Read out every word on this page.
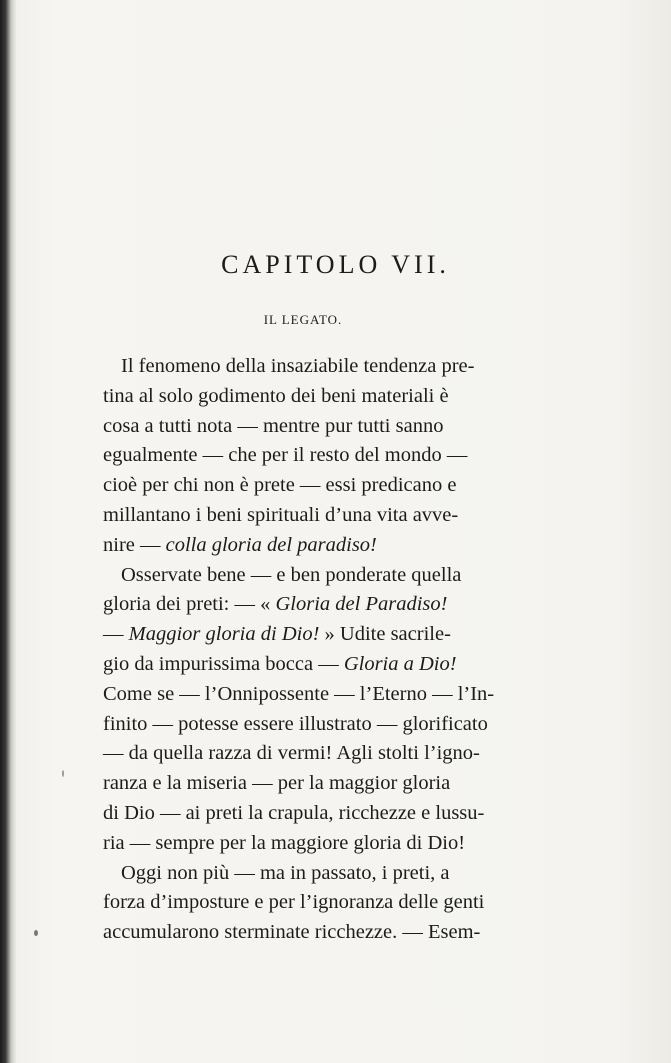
CAPITOLO VII.
IL LEGATO.

Il fenomeno della insaziabile tendenza pre-
tina al solo godimento dei beni materiali è
cosa a tutti nota — mentre pur tutti sanno
egualmente — che per il resto del mondo —
cioè per chi non è prete — essi predicano e
millantano i beni spirituali d’una vita avve-
nire — colla gloria del paradiso!

Osservate bene — e ben ponderate quella
gloria dei preti: — « Gloria del Paradiso!
— Maggior gloria di Dio! » Udite sacrile-
gio da impurissima bocca — Gloria a Dio!
Come se — l’Onnipossente — l’Eterno — l’In-
finito — potesse essere illustrato — glorificato
— da quella razza di vermi! Agli stolti l’igno-
ranza e la miseria — per la maggior gloria
di Dio — ai preti la crapula, ricchezze e lussu-
ria — sempre per la maggiore gloria di Dio!

Oggi non più — ma in passato, i preti, a
forza d’imposture e per l’ignoranza delle genti
accumularono sterminate ricchezze. — Esem-
